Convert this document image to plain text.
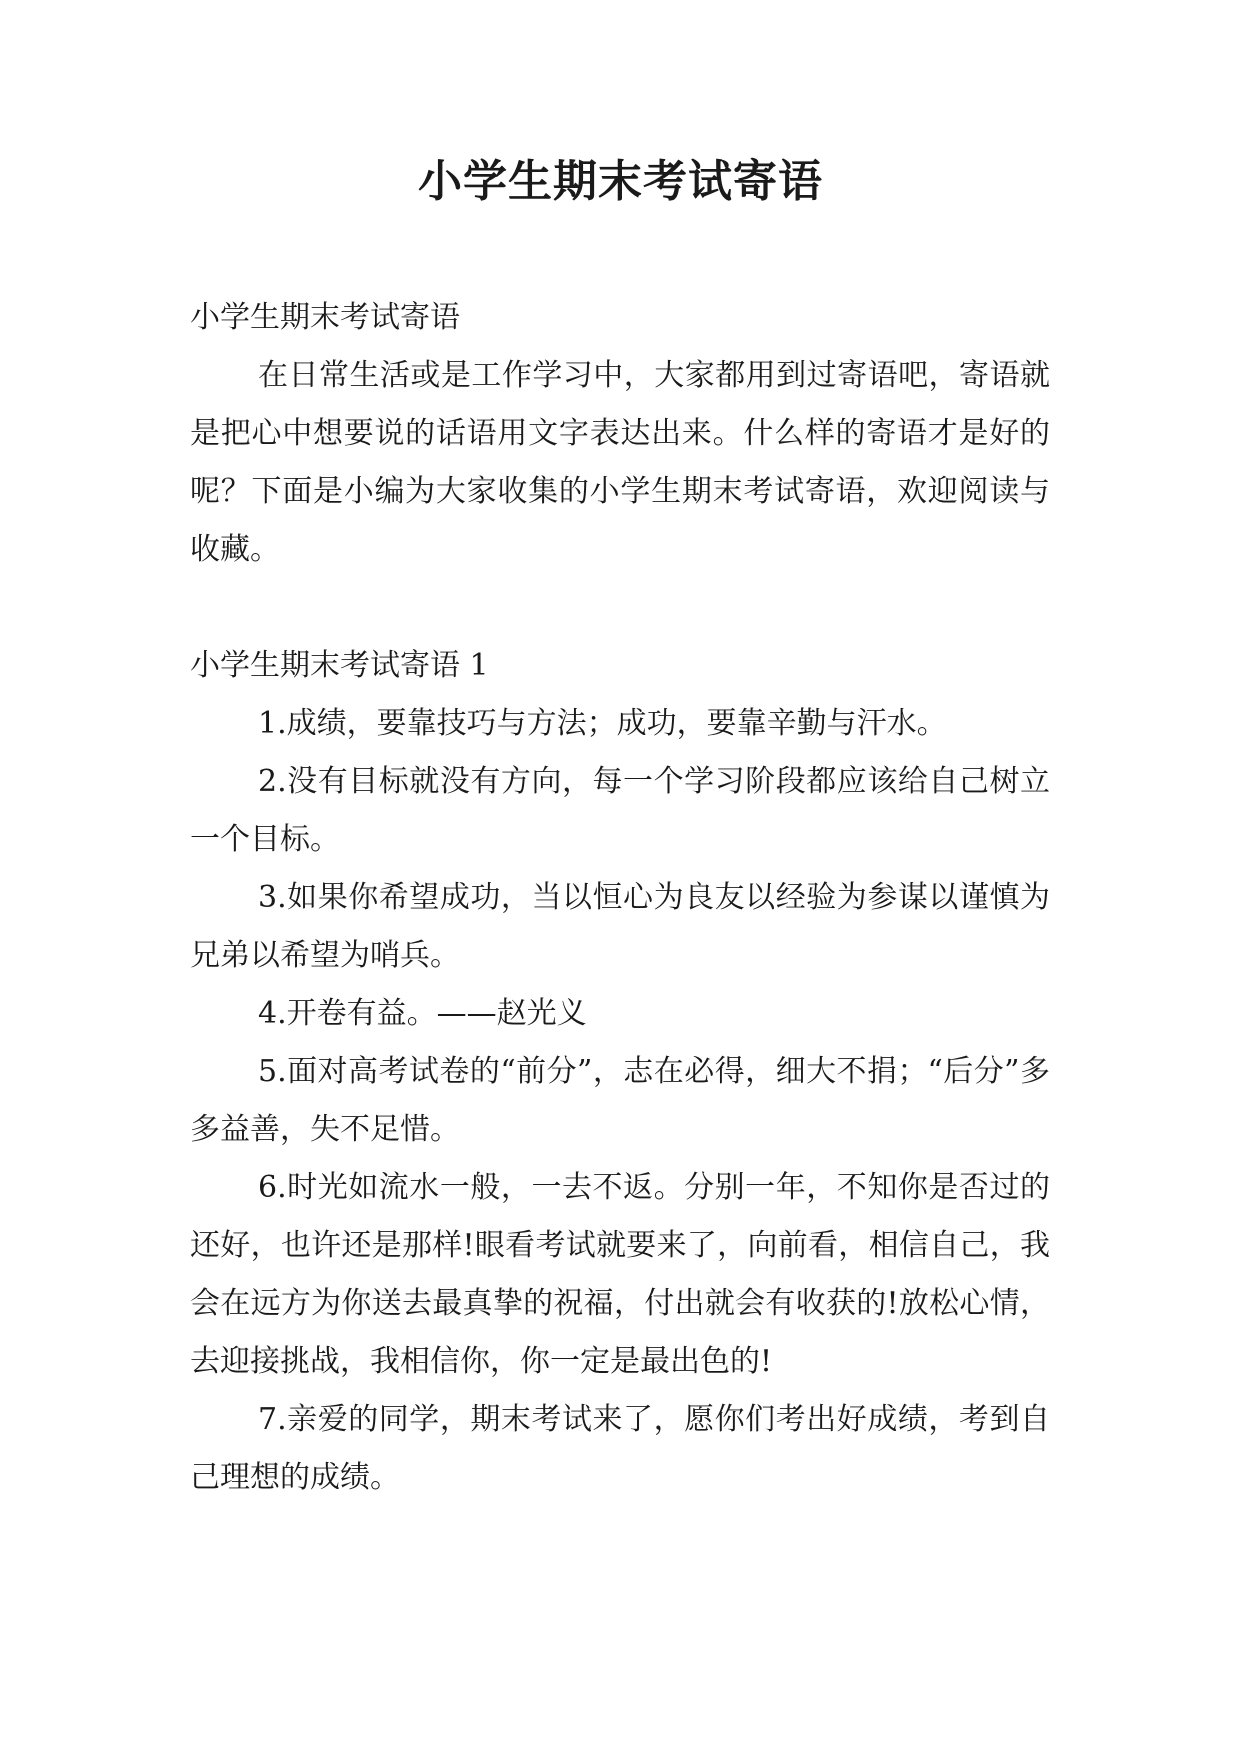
小学生期末考试寄语

小学生期末考试寄语

在日常生活或是工作学习中，大家都用到过寄语吧，寄语就是把心中想要说的话语用文字表达出来。什么样的寄语才是好的呢？下面是小编为大家收集的小学生期末考试寄语，欢迎阅读与收藏。

小学生期末考试寄语 1

1.成绩，要靠技巧与方法；成功，要靠辛勤与汗水。

2.没有目标就没有方向，每一个学习阶段都应该给自己树立一个目标。

3.如果你希望成功，当以恒心为良友以经验为参谋以谨慎为兄弟以希望为哨兵。

4.开卷有益。——赵光义

5.面对高考试卷的“前分”，志在必得，细大不捐；“后分”多多益善，失不足惜。

6.时光如流水一般，一去不返。分别一年，不知你是否过的还好，也许还是那样!眼看考试就要来了，向前看，相信自己，我会在远方为你送去最真挚的祝福，付出就会有收获的!放松心情，去迎接挑战，我相信你，你一定是最出色的!

7.亲爱的同学，期末考试来了，愿你们考出好成绩，考到自己理想的成绩。
